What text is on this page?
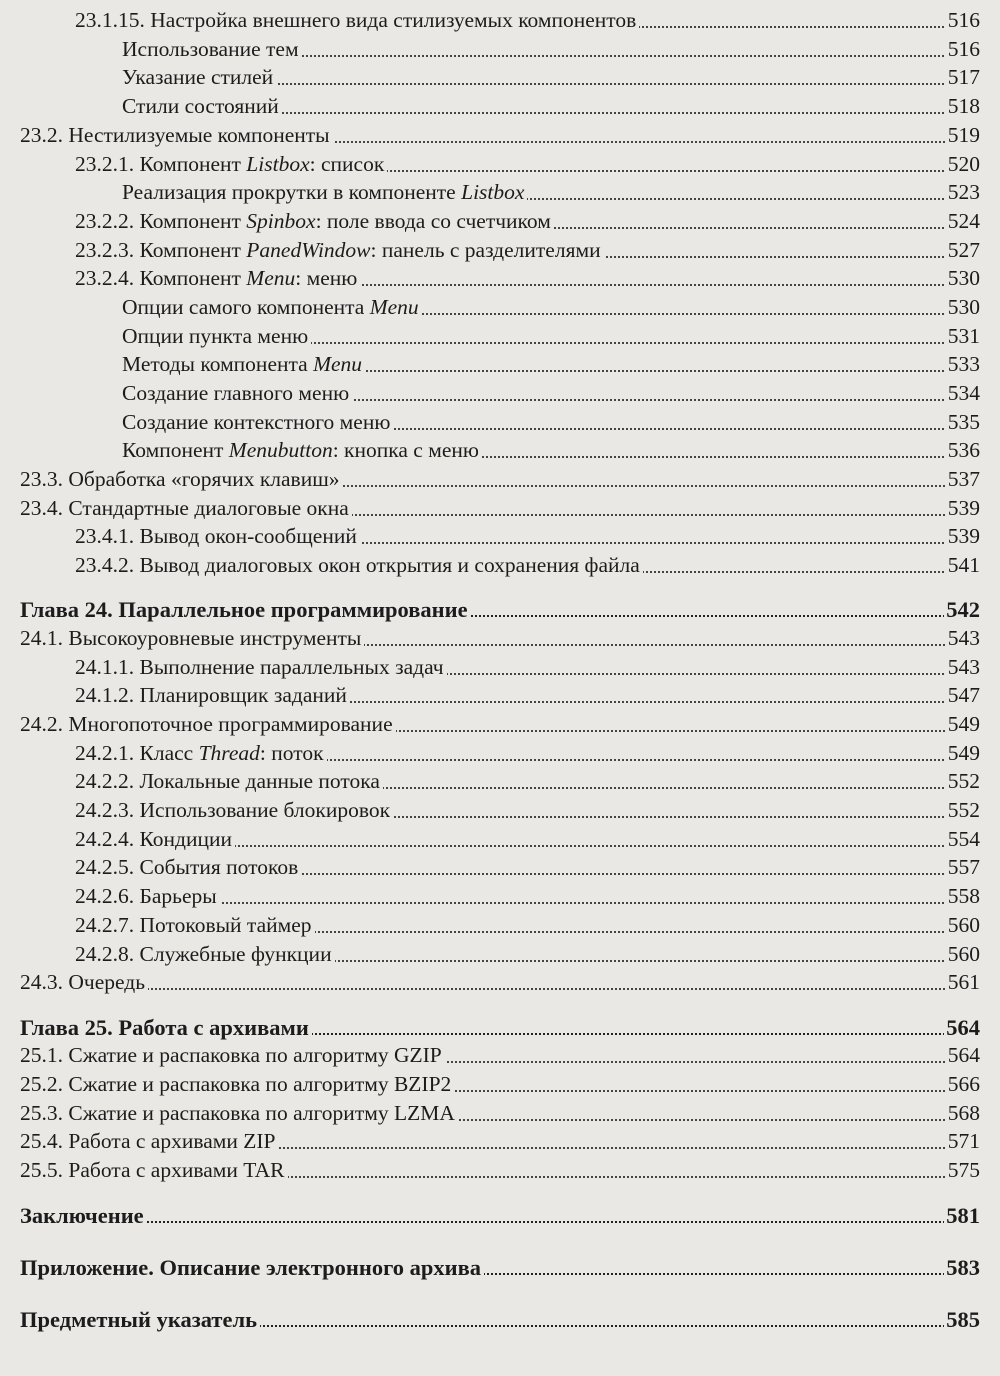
23.1.15. Настройка внешнего вида стилизуемых компонентов	516
Использование тем	516
Указание стилей	517
Стили состояний	518
23.2. Нестилизуемые компоненты	519
23.2.1. Компонент Listbox: список	520
Реализация прокрутки в компоненте Listbox	523
23.2.2. Компонент Spinbox: поле ввода со счетчиком	524
23.2.3. Компонент PanedWindow: панель с разделителями	527
23.2.4. Компонент Menu: меню	530
Опции самого компонента Menu	530
Опции пункта меню	531
Методы компонента Menu	533
Создание главного меню	534
Создание контекстного меню	535
Компонент Menubutton: кнопка с меню	536
23.3. Обработка «горячих клавиш»	537
23.4. Стандартные диалоговые окна	539
23.4.1. Вывод окон-сообщений	539
23.4.2. Вывод диалоговых окон открытия и сохранения файла	541
Глава 24. Параллельное программирование	542
24.1. Высокоуровневые инструменты	543
24.1.1. Выполнение параллельных задач	543
24.1.2. Планировщик заданий	547
24.2. Многопоточное программирование	549
24.2.1. Класс Thread: поток	549
24.2.2. Локальные данные потока	552
24.2.3. Использование блокировок	552
24.2.4. Кондиции	554
24.2.5. События потоков	557
24.2.6. Барьеры	558
24.2.7. Потоковый таймер	560
24.2.8. Служебные функции	560
24.3. Очередь	561
Глава 25. Работа с архивами	564
25.1. Сжатие и распаковка по алгоритму GZIP	564
25.2. Сжатие и распаковка по алгоритму BZIP2	566
25.3. Сжатие и распаковка по алгоритму LZMA	568
25.4. Работа с архивами ZIP	571
25.5. Работа с архивами TAR	575
Заключение	581
Приложение. Описание электронного архива	583
Предметный указатель	585
